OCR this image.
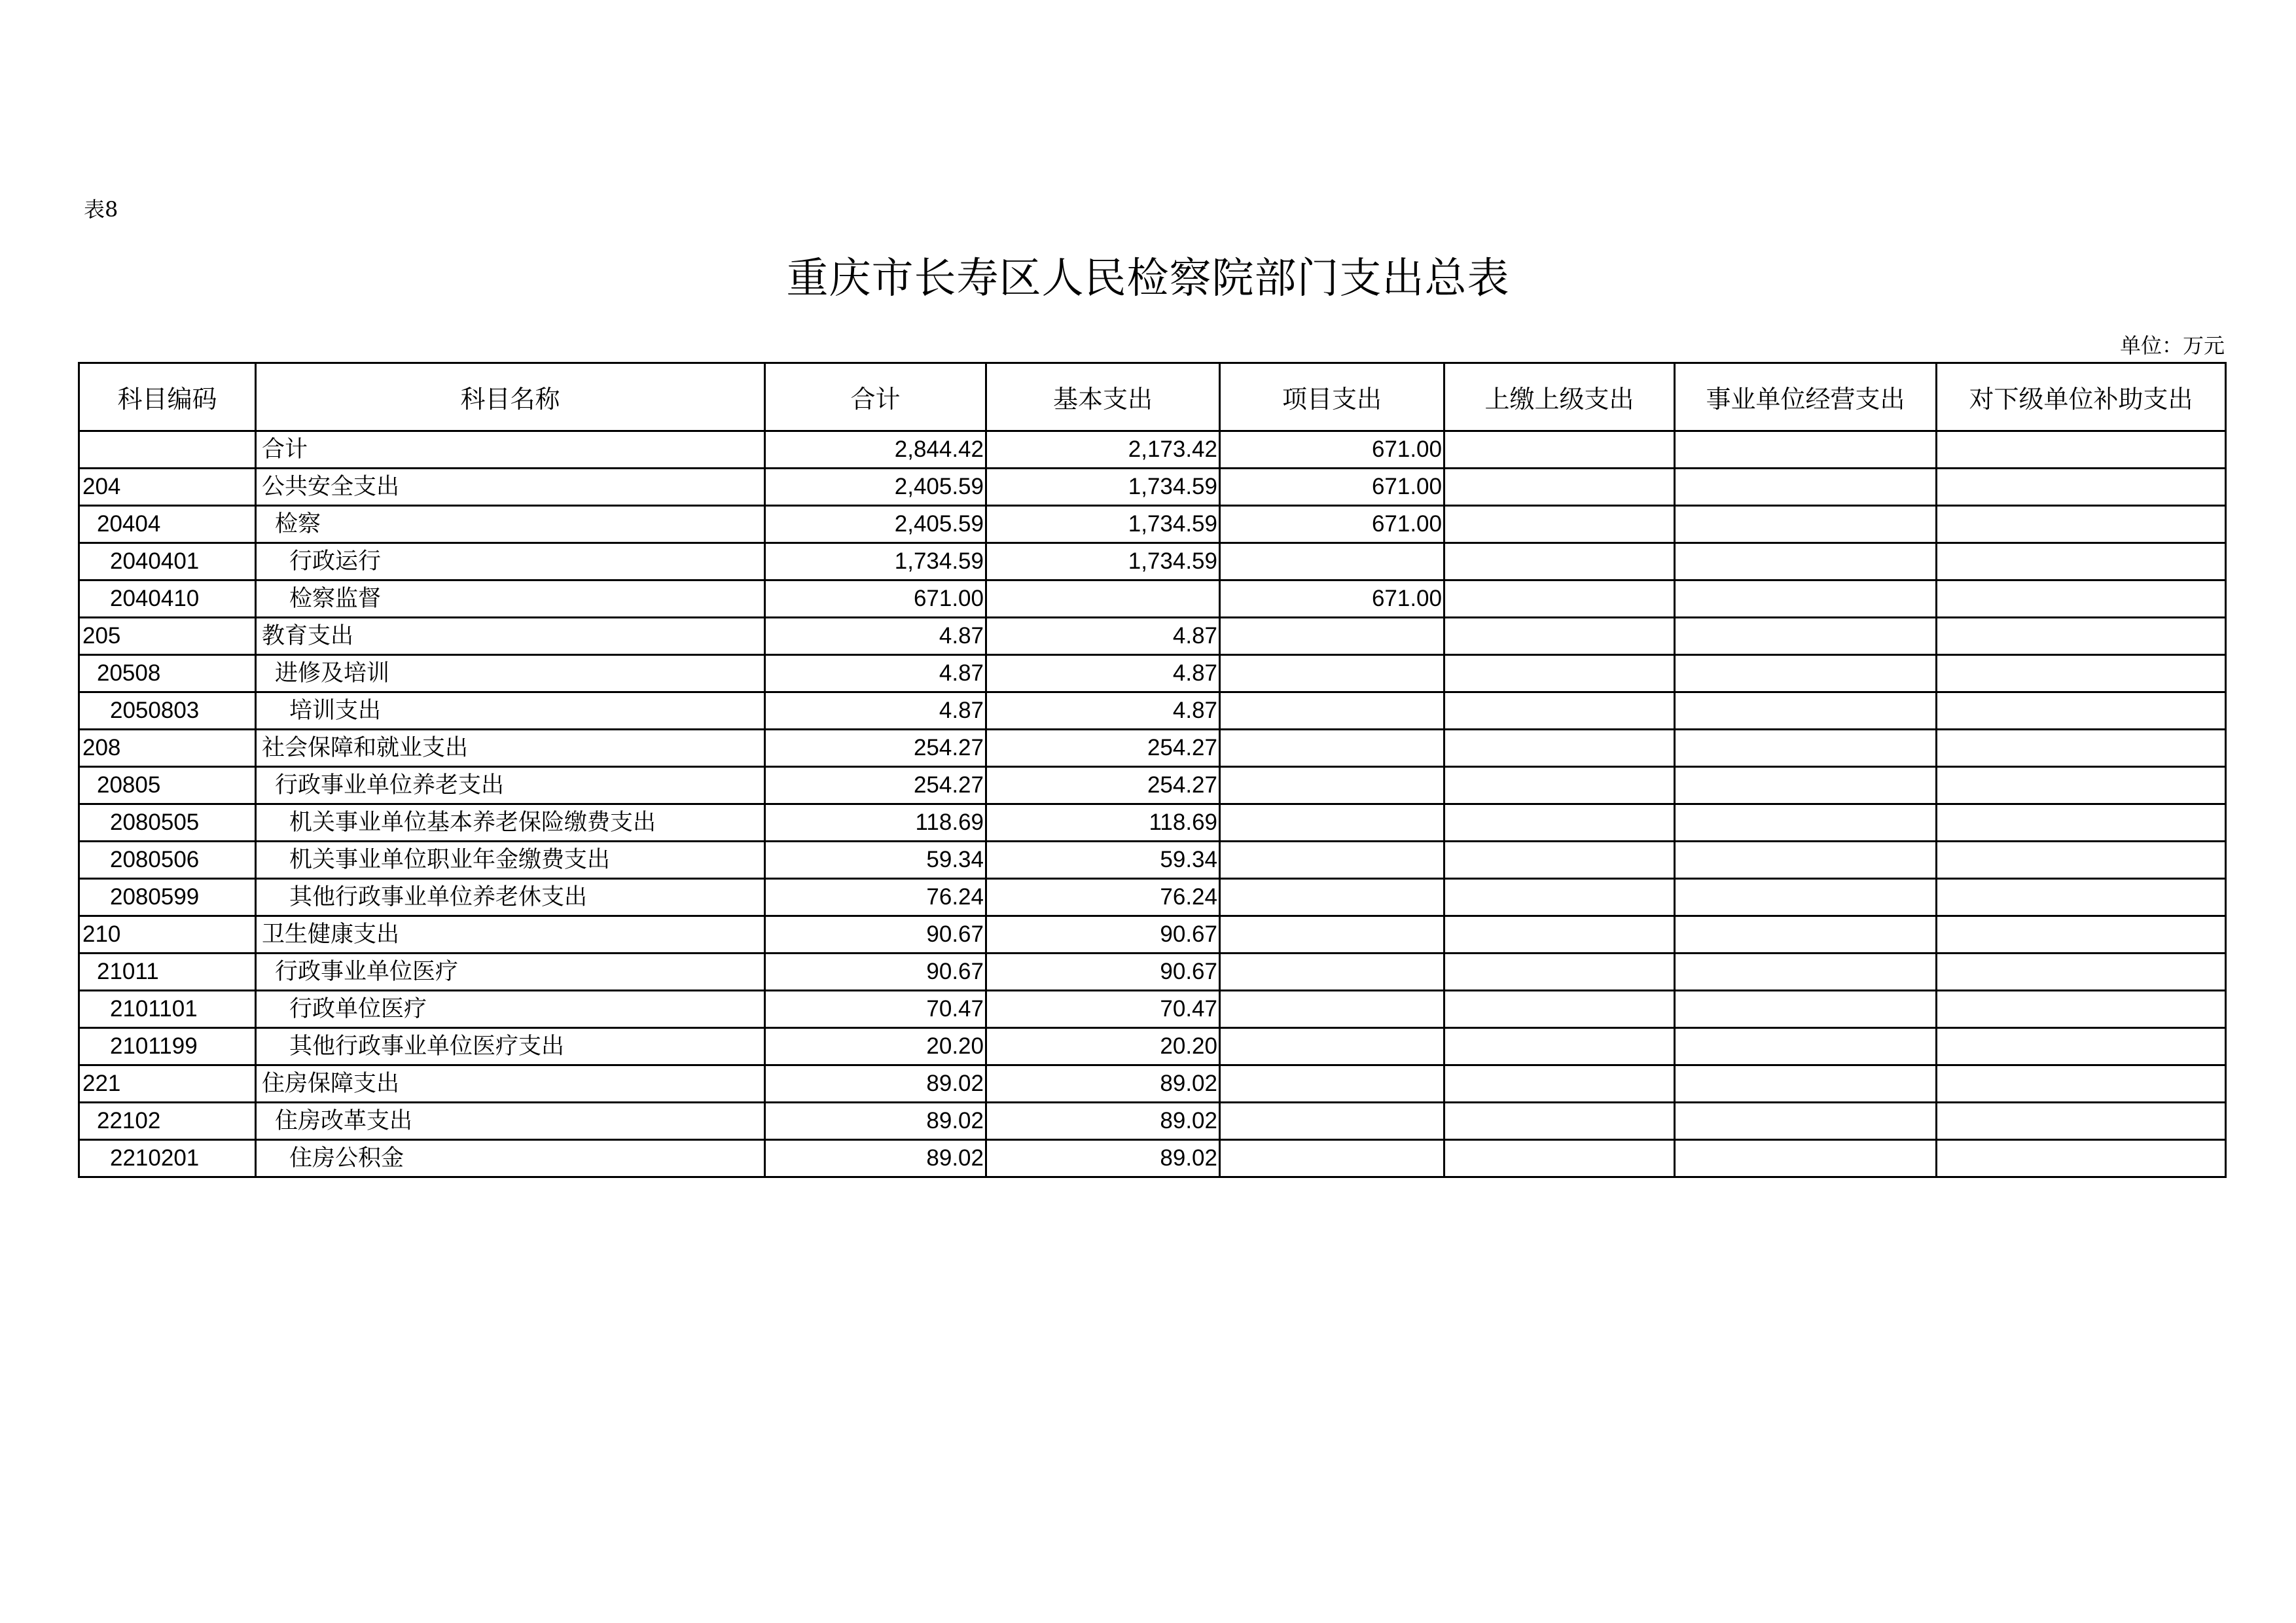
表8
重庆市长寿区人民检察院部门支出总表
单位：万元
科目编码	科目名称	合计	基本支出	项目支出	上缴上级支出	事业单位经营支出	对下级单位补助支出
	合计	2,844.42	2,173.42	671.00			
204	公共安全支出	2,405.59	1,734.59	671.00			
20404	检察	2,405.59	1,734.59	671.00			
2040401	行政运行	1,734.59	1,734.59				
2040410	检察监督	671.00		671.00			
205	教育支出	4.87	4.87				
20508	进修及培训	4.87	4.87				
2050803	培训支出	4.87	4.87				
208	社会保障和就业支出	254.27	254.27				
20805	行政事业单位养老支出	254.27	254.27				
2080505	机关事业单位基本养老保险缴费支出	118.69	118.69				
2080506	机关事业单位职业年金缴费支出	59.34	59.34				
2080599	其他行政事业单位养老休支出	76.24	76.24				
210	卫生健康支出	90.67	90.67				
21011	行政事业单位医疗	90.67	90.67				
2101101	行政单位医疗	70.47	70.47				
2101199	其他行政事业单位医疗支出	20.20	20.20				
221	住房保障支出	89.02	89.02				
22102	住房改革支出	89.02	89.02				
2210201	住房公积金	89.02	89.02				
